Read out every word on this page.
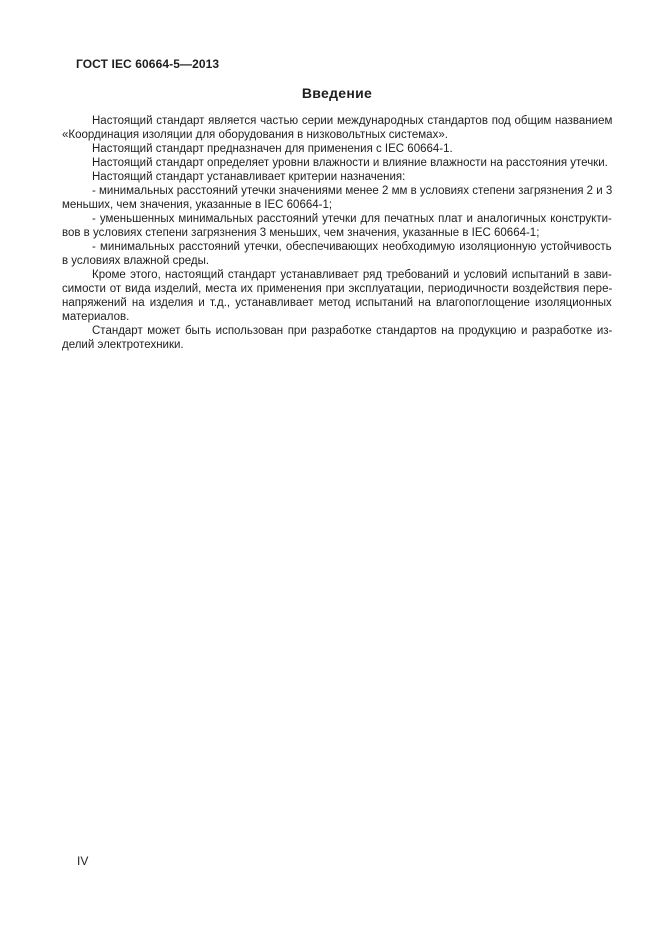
ГОСТ IEC 60664-5—2013
Введение
Настоящий стандарт является частью серии международных стандартов под общим названием
«Координация изоляции для оборудования в низковольтных системах».
Настоящий стандарт предназначен для применения с IEC 60664-1.
Настоящий стандарт определяет уровни влажности и влияние влажности на расстояния утечки.
Настоящий стандарт устанавливает критерии назначения:
- минимальных расстояний утечки значениями менее 2 мм в условиях степени загрязнения 2 и 3
меньших, чем значения, указанные в IEC 60664-1;
- уменьшенных минимальных расстояний утечки для печатных плат и аналогичных конструкти-
вов в условиях степени загрязнения 3 меньших, чем значения, указанные в IEC 60664-1;
- минимальных расстояний утечки, обеспечивающих необходимую изоляционную устойчивость
в условиях влажной среды.
Кроме этого, настоящий стандарт устанавливает ряд требований и условий испытаний в зави-
симости от вида изделий, места их применения при эксплуатации, периодичности воздействия пере-
напряжений на изделия и т.д., устанавливает метод испытаний на влагопоглощение изоляционных
материалов.
Стандарт может быть использован при разработке стандартов на продукцию и разработке из-
делий электротехники.
IV
